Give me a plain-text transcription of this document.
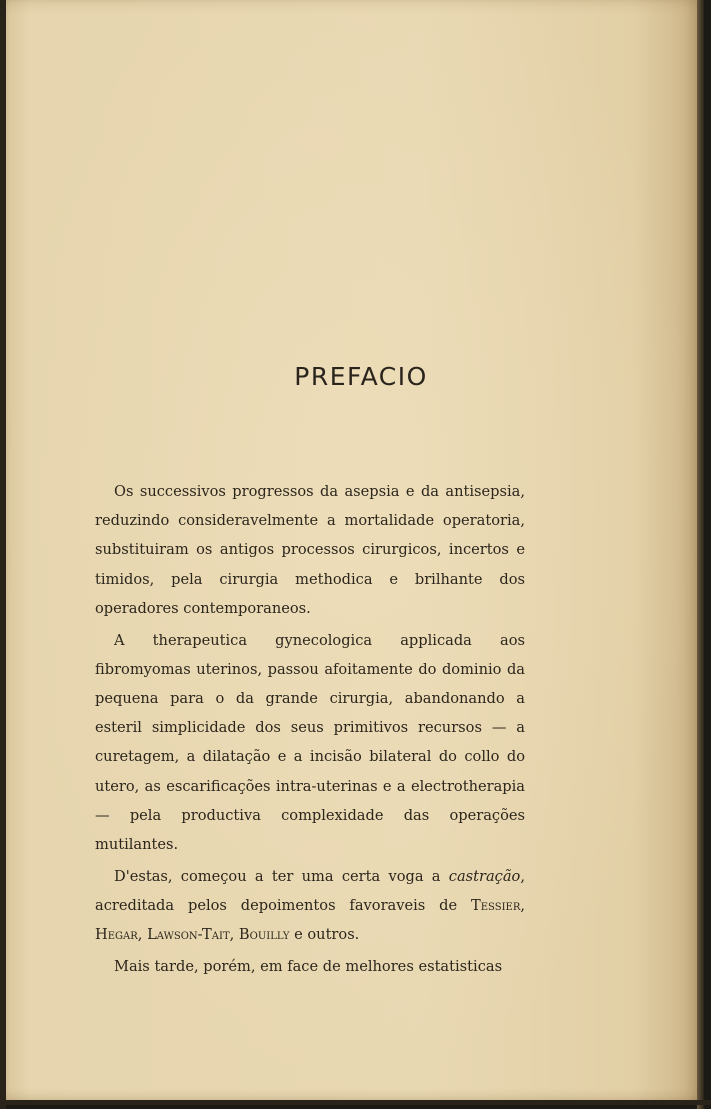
PREFACIO

Os successivos progressos da asepsia e da antisepsia, reduzindo consideravelmente a mortalidade operatoria, substituiram os antigos processos cirurgicos, incertos e timidos, pela cirurgia methodica e brilhante dos operadores contemporaneos.

A therapeutica gynecologica applicada aos fibromyomas uterinos, passou afoitamente do dominio da pequena para o da grande cirurgia, abandonando a esteril simplicidade dos seus primitivos recursos — a curetagem, a dilatação e a incisão bilateral do collo do utero, as escarificações intra-uterinas e a electrotherapia — pela productiva complexidade das operações mutilantes.

D'estas, começou a ter uma certa voga a castração, acreditada pelos depoimentos favoraveis de Tessier, Hegar, Lawson-Tait, Bouilly e outros.

Mais tarde, porém, em face de melhores estatisticas
